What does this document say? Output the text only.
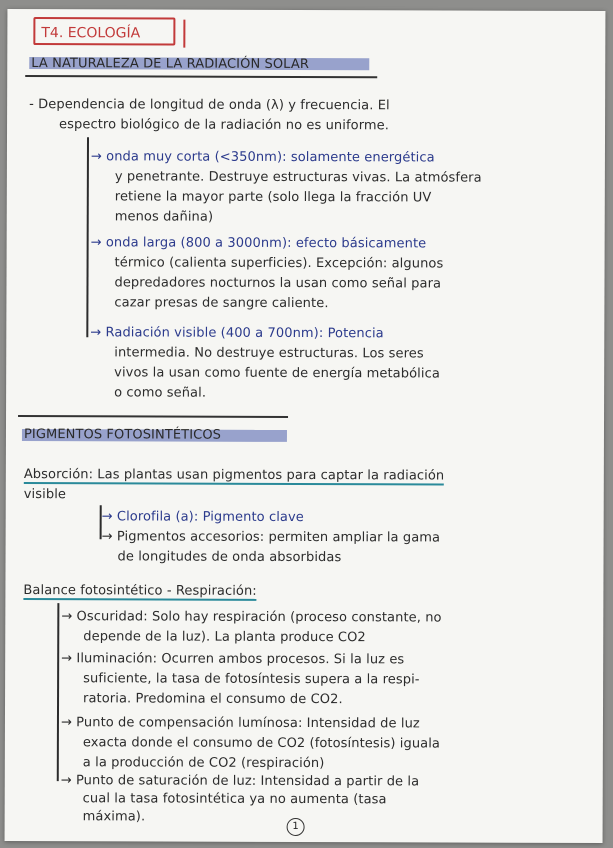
T4. ECOLOGÍA
LA NATURALEZA DE LA RADIACIÓN SOLAR
- Dependencia de longitud de onda (λ) y frecuencia. El
espectro biológico de la radiación no es uniforme.
→ onda muy corta (<350nm): solamente energética
y penetrante. Destruye estructuras vivas. La atmósfera
retiene la mayor parte (solo llega la fracción UV
menos dañina)
→ onda larga (800 a 3000nm): efecto básicamente
térmico (calienta superficies). Excepción: algunos
depredadores nocturnos la usan como señal para
cazar presas de sangre caliente.
→ Radiación visible (400 a 700nm): Potencia
intermedia. No destruye estructuras. Los seres
vivos la usan como fuente de energía metabólica
o como señal.
PIGMENTOS FOTOSINTÉTICOS
Absorción: Las plantas usan pigmentos para captar la radiación
visible
→ Clorofila (a): Pigmento clave
→ Pigmentos accesorios: permiten ampliar la gama
de longitudes de onda absorbidas
Balance fotosintético - Respiración:
→ Oscuridad: Solo hay respiración (proceso constante, no
depende de la luz). La planta produce CO2
→ Iluminación: Ocurren ambos procesos. Si la luz es
suficiente, la tasa de fotosíntesis supera a la respi-
ratoria. Predomina el consumo de CO2.
→ Punto de compensación lumínosa: Intensidad de luz
exacta donde el consumo de CO2 (fotosíntesis) iguala
a la producción de CO2 (respiración)
→ Punto de saturación de luz: Intensidad a partir de la
cual la tasa fotosintética ya no aumenta (tasa
máxima).
1
